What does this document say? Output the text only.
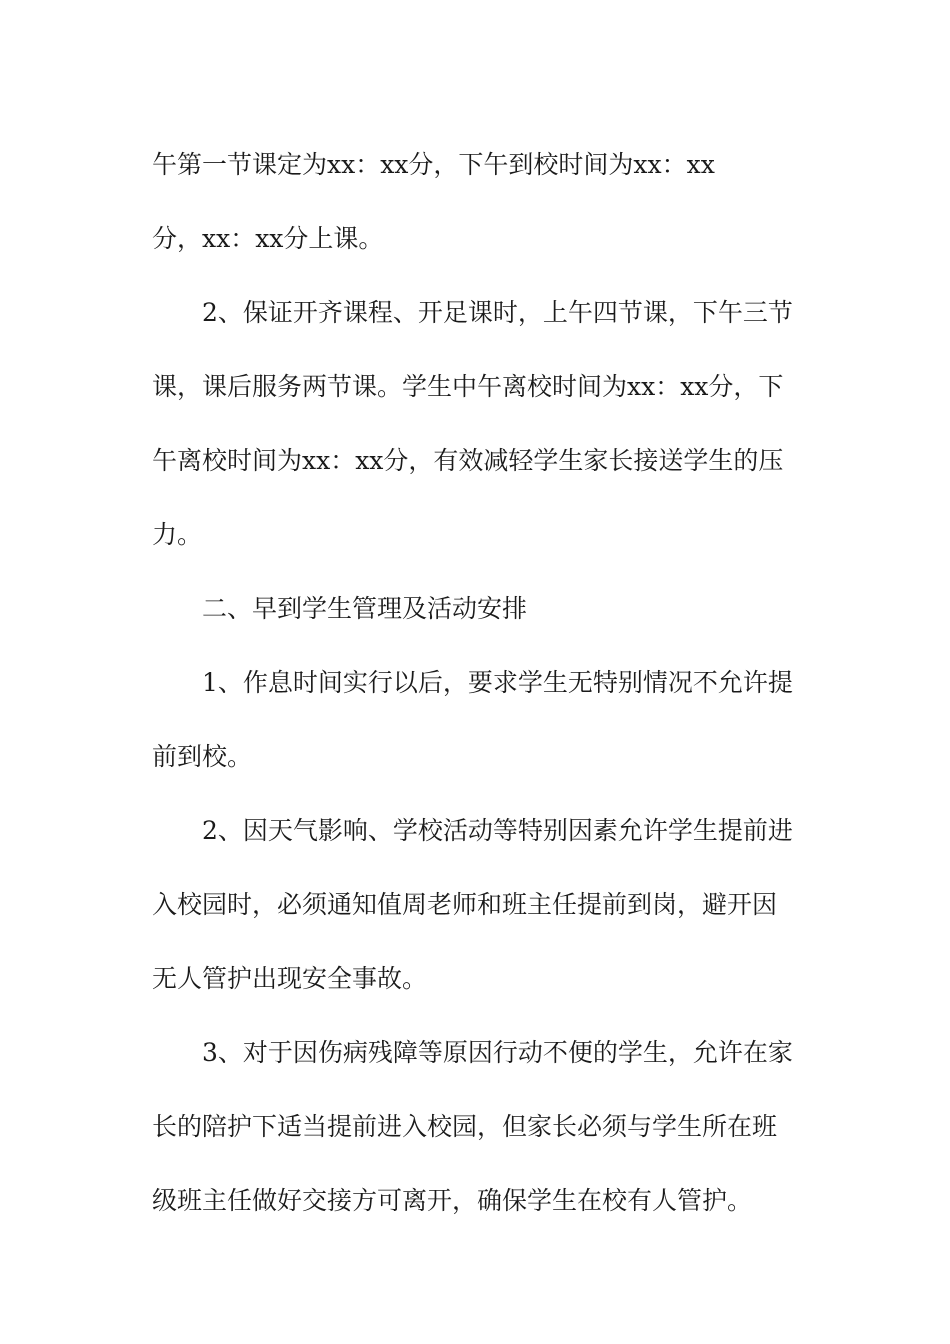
午第一节课定为xx：xx分，下午到校时间为xx：xx
分，xx：xx分上课。
2、保证开齐课程、开足课时，上午四节课，下午三节
课，课后服务两节课。学生中午离校时间为xx：xx分，下
午离校时间为xx：xx分，有效减轻学生家长接送学生的压
力。
二、早到学生管理及活动安排
1、作息时间实行以后，要求学生无特别情况不允许提
前到校。
2、因天气影响、学校活动等特别因素允许学生提前进
入校园时，必须通知值周老师和班主任提前到岗，避开因
无人管护出现安全事故。
3、对于因伤病残障等原因行动不便的学生，允许在家
长的陪护下适当提前进入校园，但家长必须与学生所在班
级班主任做好交接方可离开，确保学生在校有人管护。
